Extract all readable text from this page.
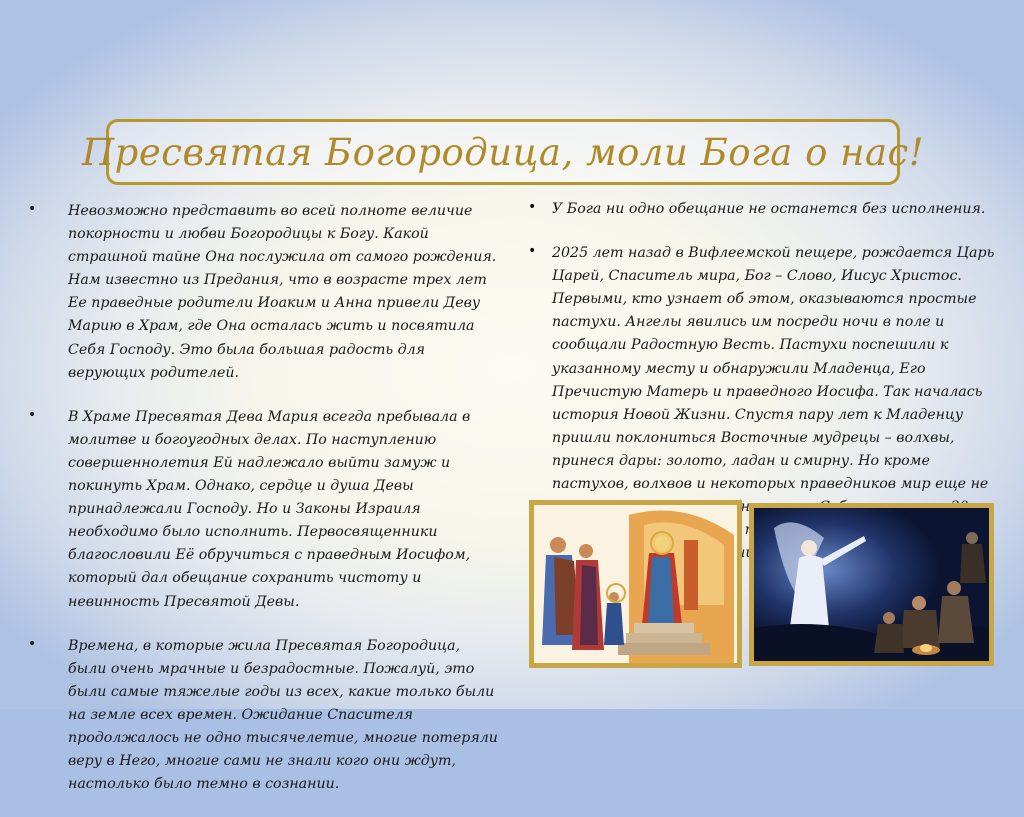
Пресвятая Богородица, моли Бога о нас!
• Невозможно представить во всей полноте величие покорности и любви Богородицы к Богу. Какой страшной тайне Она послужила от самого рождения. Нам известно из Предания, что в возрасте трех лет Ее праведные родители Иоаким и Анна привели Деву Марию в Храм, где Она осталась жить и посвятила Себя Господу. Это была большая радость для верующих родителей.
• В Храме Пресвятая Дева Мария всегда пребывала в молитве и богоугодных делах. По наступлению совершеннолетия Ей надлежало выйти замуж и покинуть Храм. Однако, сердце и душа Девы принадлежали Господу. Но и Законы Израиля необходимо было исполнить. Первосвященники благословили Её обручиться с праведным Иосифом, который дал обещание сохранить чистоту и невинность Пресвятой Девы.
• Времена, в которые жила Пресвятая Богородица, были очень мрачные и безрадостные. Пожалуй, это были самые тяжелые годы из всех, какие только были на земле всех времен. Ожидание Спасителя продолжалось не одно тысячелетие, многие потеряли веру в Него, многие сами не знали кого они ждут, настолько было темно в сознании.
• У Бога ни одно обещание не останется без исполнения.
• 2025 лет назад в Вифлеемской пещере, рождается Царь Царей, Спаситель мира, Бог – Слово, Иисус Христос. Первыми, кто узнает об этом, оказываются простые пастухи. Ангелы явились им посреди ночи в поле и сообщали Радостную Весть. Пастухи поспешили к указанному месту и обнаружили Младенца, Его Пречистую Матерь и праведного Иосифа. Так началась история Новой Жизни. Спустя пару лет к Младенцу пришли поклониться Восточные мудрецы – волхвы, принеся дары: золото, ладан и смирну. Но кроме пастухов, волхвов и некоторых праведников мир еще не
